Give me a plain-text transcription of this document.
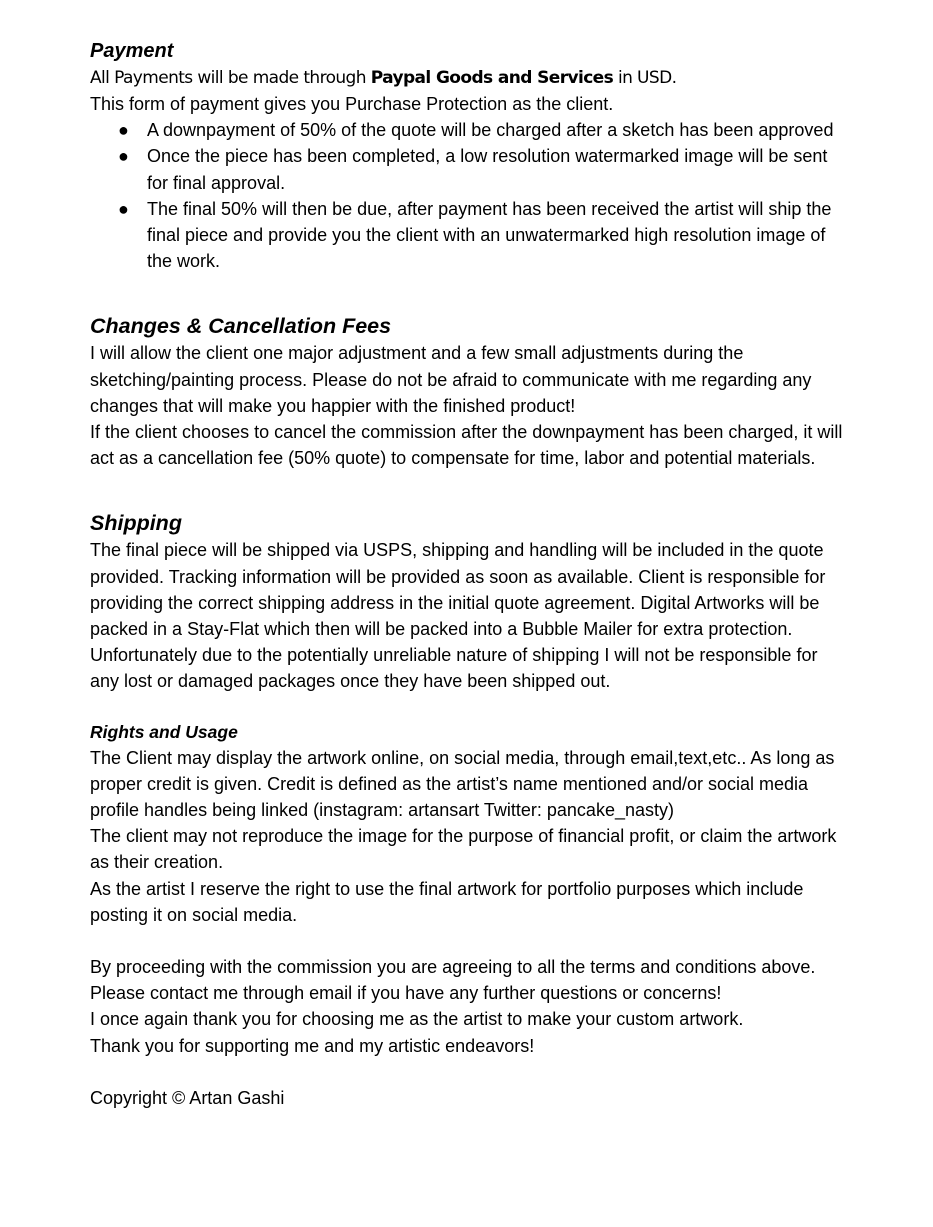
Payment
All Payments will be made through Paypal Goods and Services in USD.

This form of payment gives you Purchase Protection as the client.

● A downpayment of 50% of the quote will be charged after a sketch has been approved
● Once the piece has been completed, a low resolution watermarked image will be sent for final approval.
● The final 50% will then be due, after payment has been received the artist will ship the final piece and provide you the client with an unwatermarked high resolution image of the work.
Changes & Cancellation Fees

I will allow the client one major adjustment and a few small adjustments during the sketching/painting process. Please do not be afraid to communicate with me regarding any changes that will make you happier with the finished product!

If the client chooses to cancel the commission after the downpayment has been charged, it will act as a cancellation fee (50% quote) to compensate for time, labor and potential materials.

Shipping

The final piece will be shipped via USPS, shipping and handling will be included in the quote provided. Tracking information will be provided as soon as available. Client is responsible for providing the correct shipping address in the initial quote agreement. Digital Artworks will be packed in a Stay-Flat which then will be packed into a Bubble Mailer for extra protection. Unfortunately due to the potentially unreliable nature of shipping I will not be responsible for any lost or damaged packages once they have been shipped out.

Rights and Usage

The Client may display the artwork online, on social media, through email,text,etc.. As long as proper credit is given. Credit is defined as the artist’s name mentioned and/or social media profile handles being linked (instagram: artansart Twitter: pancake_nasty)

The client may not reproduce the image for the purpose of financial profit, or claim the artwork as their creation.

As the artist I reserve the right to use the final artwork for portfolio purposes which include posting it on social media.

By proceeding with the commission you are agreeing to all the terms and conditions above. Please contact me through email if you have any further questions or concerns!

I once again thank you for choosing me as the artist to make your custom artwork.

Thank you for supporting me and my artistic endeavors!

Copyright © Artan Gashi
